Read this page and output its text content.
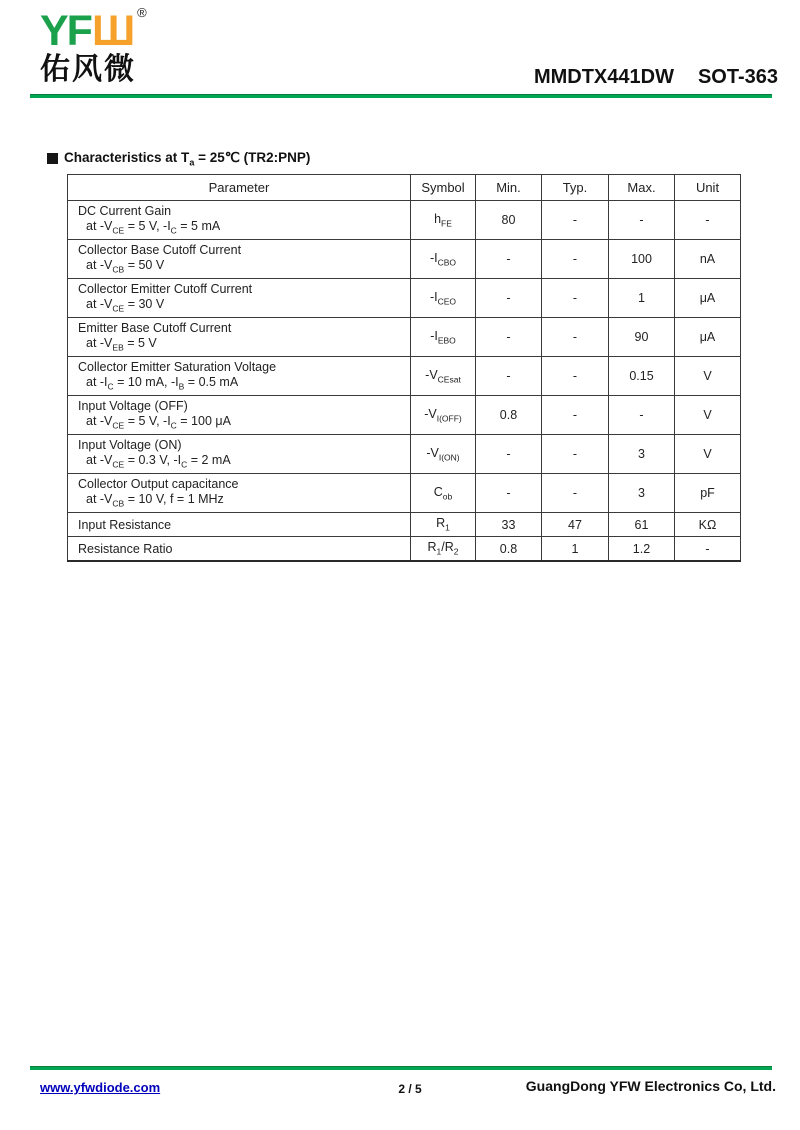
YFШ ®
佑风微	MMDTX441DW SOT-363
Characteristics at $T_a$ = 25℃ (TR2:PNP)
Parameter	Symbol	Min.	Typ.	Max.	Unit

DC Current Gain
at $-V_{CE} = 5$ V, $-I_C = 5$ mA	$h_{FE}$	80	-	-	-

Collector Base Cutoff Current
at $-V_{CB} = 50$ V	$-I_{CBO}$	-	-	100	nA

Collector Emitter Cutoff Current
at $-V_{CE} = 30$ V	$-I_{CEO}$	-	-	1	μA

Emitter Base Cutoff Current
at $-V_{EB} = 5$ V	$-I_{EBO}$	-	-	90	μA

Collector Emitter Saturation Voltage
at $-I_C = 10$ mA, $-I_B = 0.5$ mA	$-V_{CEsat}$	-	-	0.15	V

Input Voltage (OFF)
at $-V_{CE} = 5$ V, $-I_C = 100$ μA	$-V_{I(OFF)}$	0.8	-	-	V

Input Voltage (ON)
at $-V_{CE} = 0.3$ V, $-I_C = 2$ mA	$-V_{I(ON)}$	-	-	3	V

Collector Output capacitance
at $-V_{CB} = 10$ V, f = 1 MHz	$C_{ob}$	-	-	3	pF

Input Resistance	$R_1$	33	47	61	KΩ

Resistance Ratio	$R_1/R_2$	0.8	1	1.2	-
www.yfwdiode.com	2 / 5	GuangDong YFW Electronics Co, Ltd.
